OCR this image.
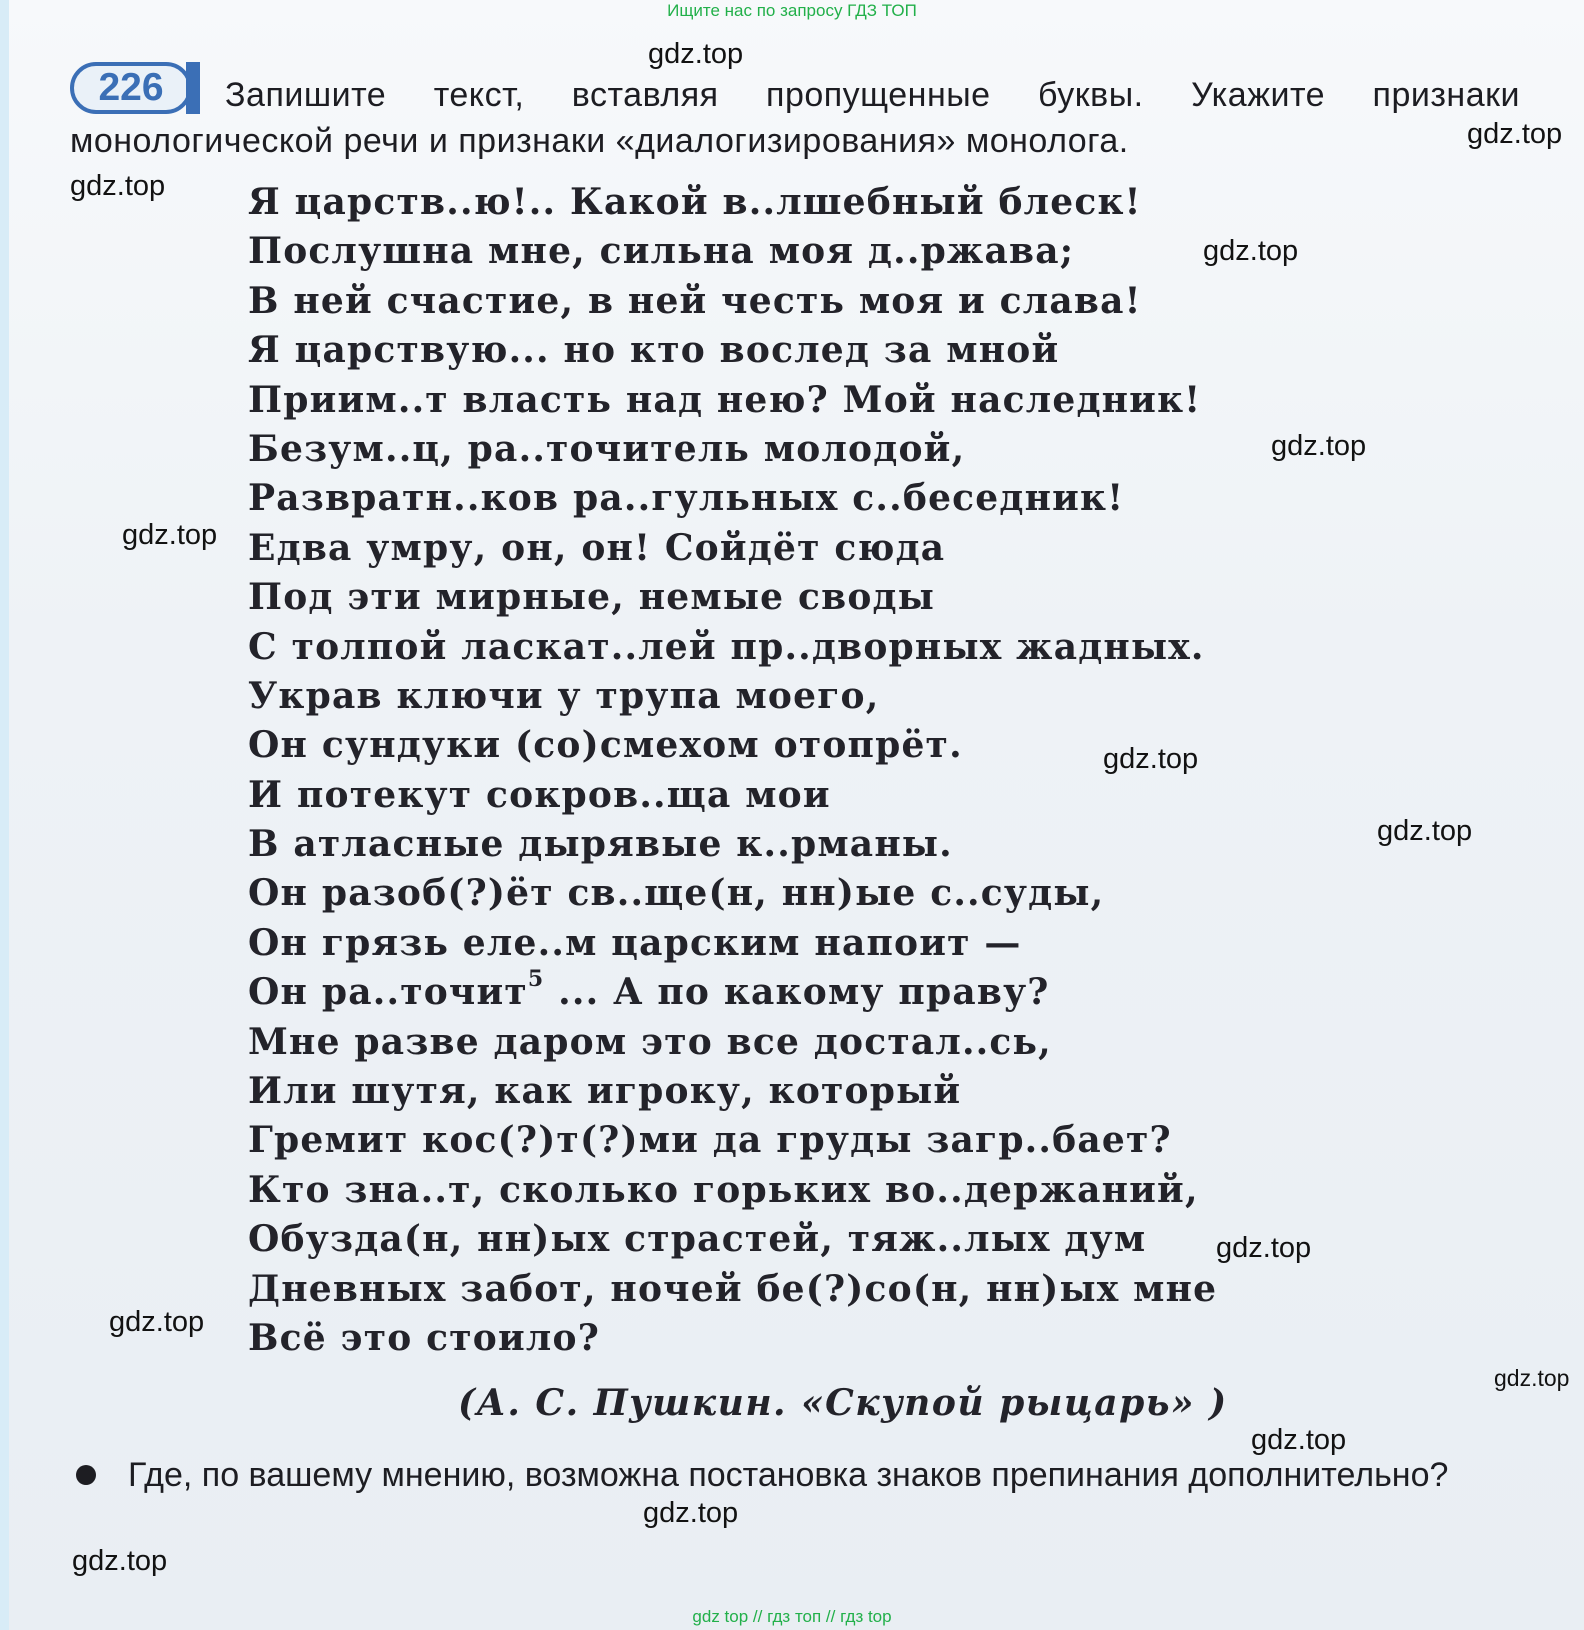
Ищите нас по запросу ГДЗ ТОП
226	Запишите текст, вставляя пропущенные буквы. Укажите признаки монологической речи и признаки «диалогизирования» монолога.
Я царств..ю!.. Какой в..лшебный блеск!
Послушна мне, сильна моя д..ржава;
В ней счастие, в ней честь моя и слава!
Я царствую... но кто вослед за мной
Приим..т власть над нею? Мой наследник!
Безум..ц, ра..точитель молодой,
Развратн..ков ра..гульных с..беседник!
Едва умру, он, он! Сойдёт сюда
Под эти мирные, немые своды
С толпой ласкат..лей пр..дворных жадных.
Украв ключи у трупа моего,
Он сундуки (со)смехом отопрёт.
И потекут сокров..ща мои
В атласные дырявые к..рманы.
Он разоб(?)ёт св..ще(н, нн)ые с..суды,
Он грязь еле..м царским напоит —
Он ра..точит$^5$ ... А по какому праву?
Мне разве даром это все достал..сь,
Или шутя, как игроку, который
Гремит кос(?)т(?)ми да груды загр..бает?
Кто зна..т, сколько горьких во..держаний,
Обузда(н, нн)ых страстей, тяж..лых дум
Дневных забот, ночей бе(?)со(н, нн)ых мне
Всё это стоило?
(А. С. Пушкин. «Скупой рыцарь» )
Где, по вашему мнению, возможна постановка знаков препинания дополнительно?
gdz.top
gdz.top
gdz.top
gdz.top
gdz.top
gdz.top
gdz.top
gdz.top
gdz.top
gdz.top
gdz.top
gdz.top
gdz.top
gdz.top
gdz top // гдз топ // гдз top
